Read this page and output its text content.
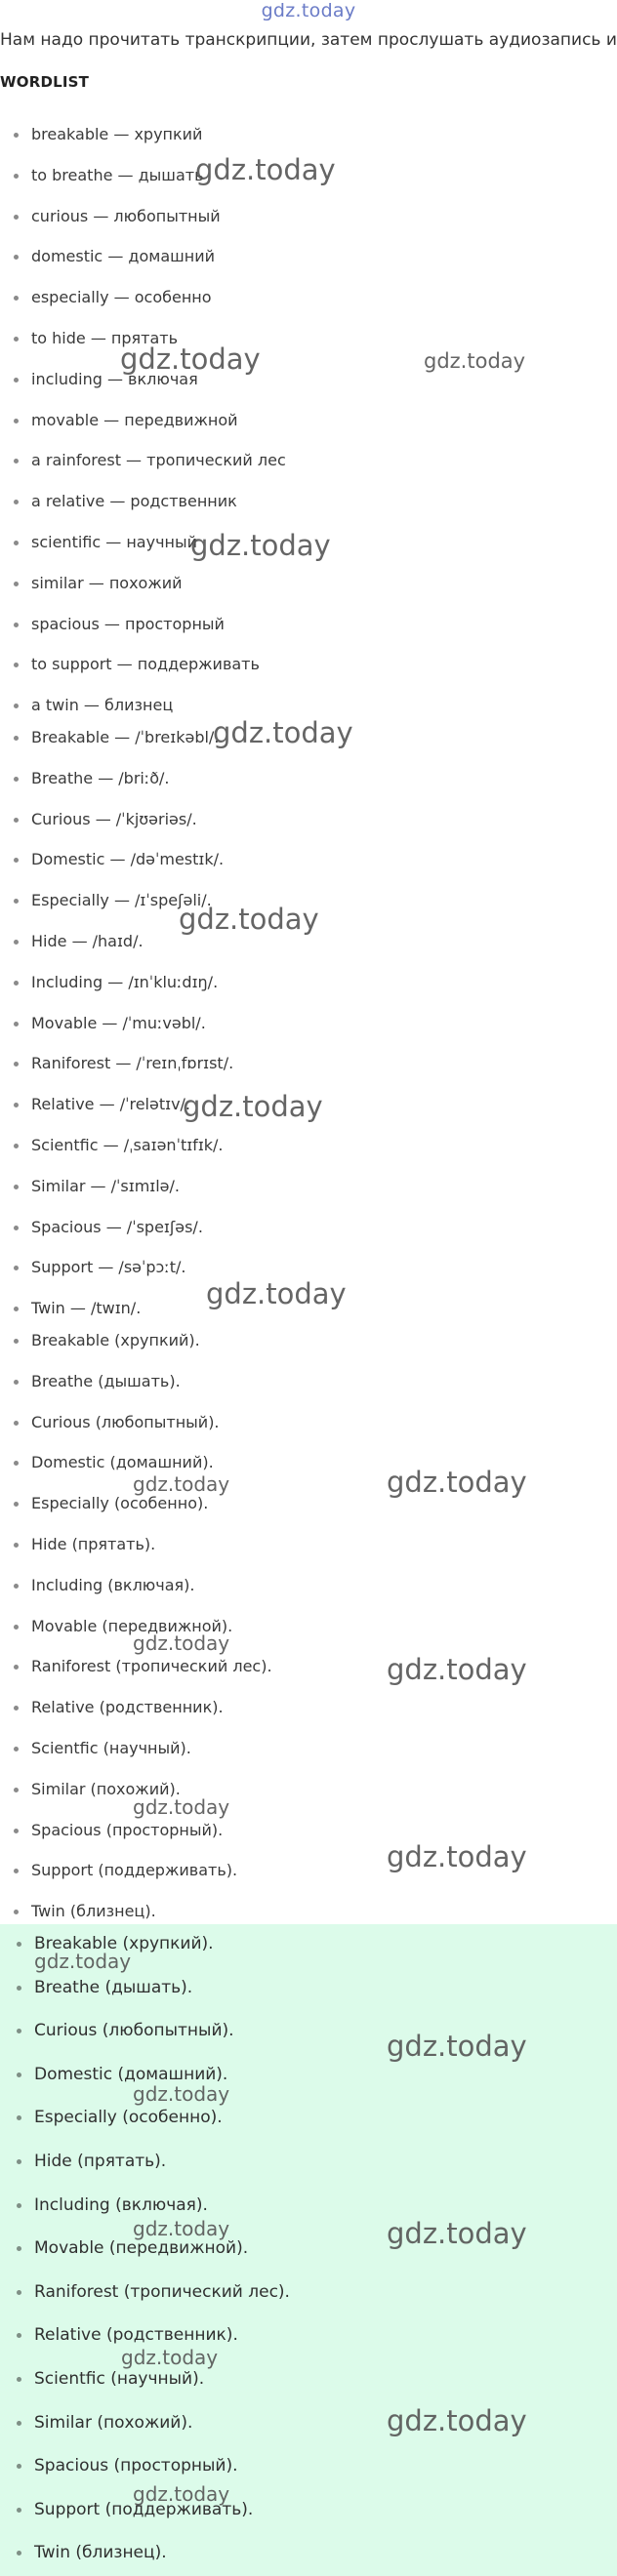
gdz.today
Нам надо прочитать транскрипции, затем прослушать аудиозапись и
WORDLIST
breakable — хрупкий
to breathe — дышать
curious — любопытный
domestic — домашний
especially — особенно
to hide — прятать
including — включая
movable — передвижной
a rainforest — тропический лес
a relative — родственник
scientific — научный
similar — похожий
spacious — просторный
to support — поддерживать
a twin — близнец
Breakable — /ˈbreɪkəbl/.
Breathe — /briːð/.
Curious — /ˈkjʊəriəs/.
Domestic — /dəˈmestɪk/.
Especially — /ɪˈspeʃəli/.
Hide — /haɪd/.
Including — /ɪnˈkluːdɪŋ/.
Movable — /ˈmuːvəbl/.
Raniforest — /ˈreɪnˌfɒrɪst/.
Relative — /ˈrelətɪv/.
Scientfic — /ˌsaɪənˈtɪfɪk/.
Similar — /ˈsɪmɪlə/.
Spacious — /ˈspeɪʃəs/.
Support — /səˈpɔːt/.
Twin — /twɪn/.
Breakable (хрупкий).
Breathe (дышать).
Curious (любопытный).
Domestic (домашний).
Especially (особенно).
Hide (прятать).
Including (включая).
Movable (передвижной).
Raniforest (тропический лес).
Relative (родственник).
Scientfic (научный).
Similar (похожий).
Spacious (просторный).
Support (поддерживать).
Twin (близнец).
Breakable (хрупкий).
Breathe (дышать).
Curious (любопытный).
Domestic (домашний).
Especially (особенно).
Hide (прятать).
Including (включая).
Movable (передвижной).
Raniforest (тропический лес).
Relative (родственник).
Scientfic (научный).
Similar (похожий).
Spacious (просторный).
Support (поддерживать).
Twin (близнец).
gdz.today
gdz.today	gdz.today
gdz.today
gdz.today
gdz.today
gdz.today
gdz.today
gdz.today
gdz.today
gdz.today
gdz.today
gdz.today
gdz.today
gdz.today
gdz.today
gdz.today
gdz.today
gdz.today
gdz.today
gdz.today
gdz.today
